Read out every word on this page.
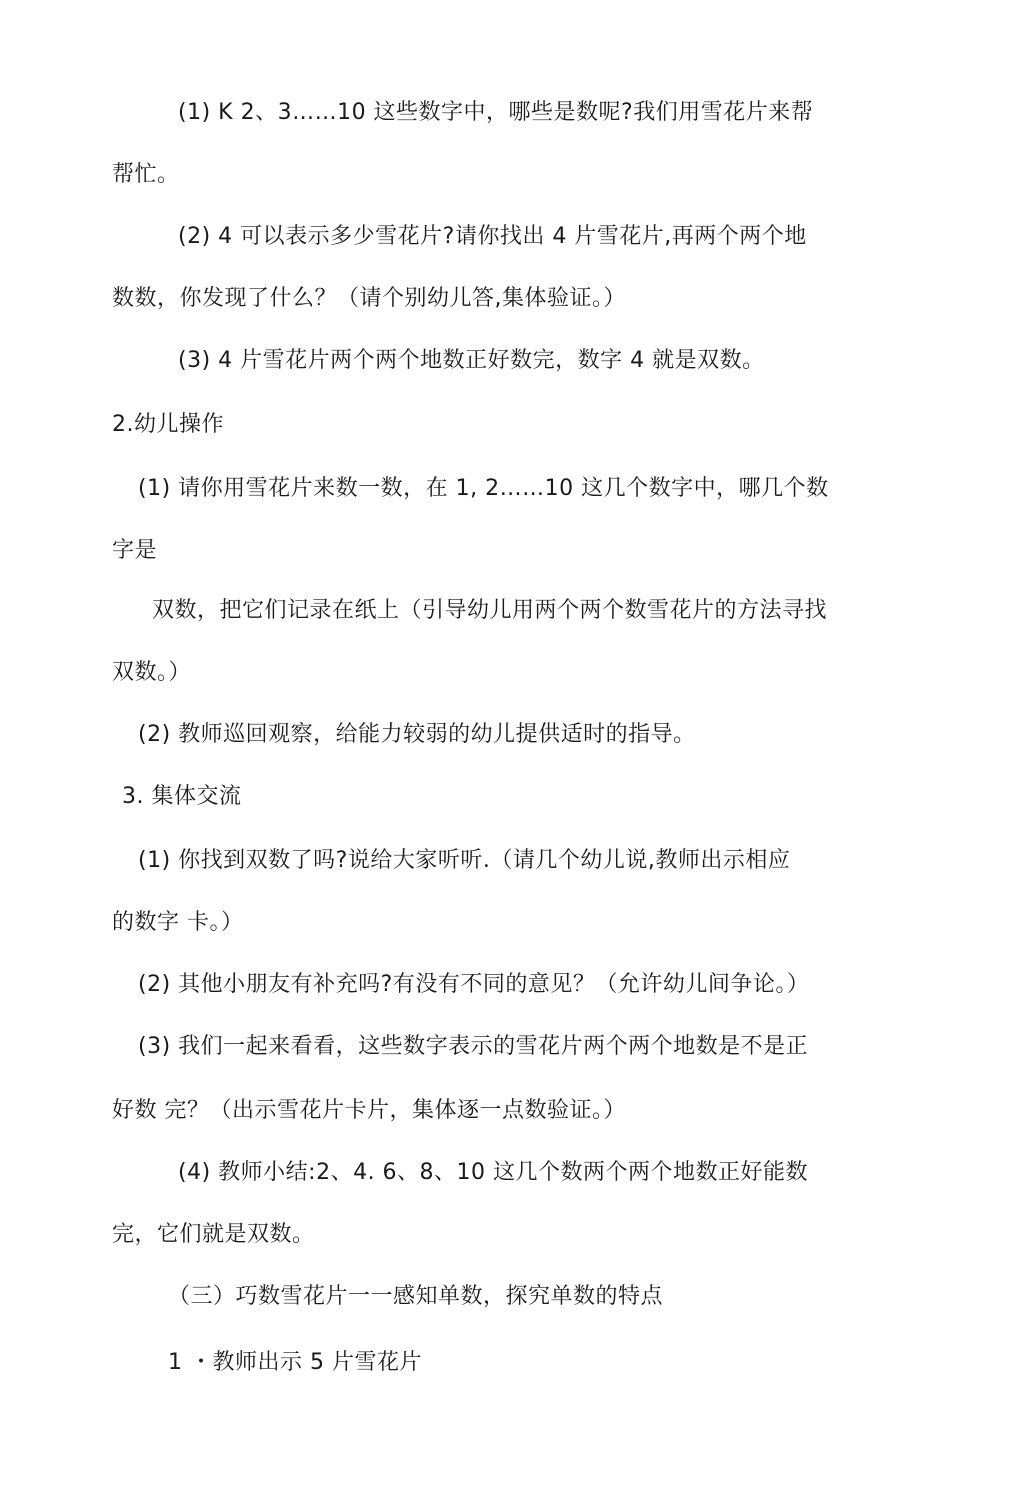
(1) K 2、3……10 这些数字中，哪些是数呢?我们用雪花片来帮
帮忙。
(2) 4 可以表示多少雪花片?请你找出 4 片雪花片,再两个两个地
数数，你发现了什么？（请个别幼儿答,集体验证。）
(3) 4 片雪花片两个两个地数正好数完，数字 4 就是双数。
2.幼儿操作
(1) 请你用雪花片来数一数，在 1, 2……10 这几个数字中，哪几个数
字是
双数，把它们记录在纸上（引导幼儿用两个两个数雪花片的方法寻找
双数。）
(2) 教师巡回观察，给能力较弱的幼儿提供适时的指导。
3. 集体交流
(1) 你找到双数了吗?说给大家听听.（请几个幼儿说,教师出示相应
的数字 卡。）
(2) 其他小朋友有补充吗?有没有不同的意见？（允许幼儿间争论。）
(3) 我们一起来看看，这些数字表示的雪花片两个两个地数是不是正
好数 完？（出示雪花片卡片，集体逐一点数验证。）
(4) 教师小结:2、4. 6、8、10 这几个数两个两个地数正好能数
完，它们就是双数。
（三）巧数雪花片一一感知单数，探究单数的特点
1 ・教师出示 5 片雪花片
